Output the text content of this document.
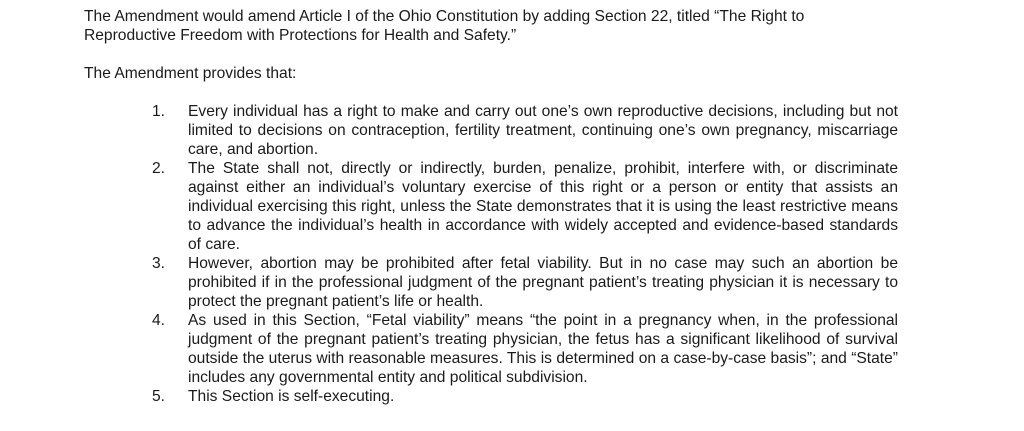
The Amendment would amend Article I of the Ohio Constitution by adding Section 22, titled “The Right to Reproductive Freedom with Protections for Health and Safety.”

The Amendment provides that:

1.	Every individual has a right to make and carry out one’s own reproductive decisions, including but not limited to decisions on contraception, fertility treatment, continuing one’s own pregnancy, miscarriage care, and abortion.
2.	The State shall not, directly or indirectly, burden, penalize, prohibit, interfere with, or discriminate against either an individual’s voluntary exercise of this right or a person or entity that assists an individual exercising this right, unless the State demonstrates that it is using the least restrictive means to advance the individual’s health in accordance with widely accepted and evidence-based standards of care.
3.	However, abortion may be prohibited after fetal viability. But in no case may such an abortion be prohibited if in the professional judgment of the pregnant patient’s treating physician it is necessary to protect the pregnant patient’s life or health.
4.	As used in this Section, “Fetal viability” means “the point in a pregnancy when, in the professional judgment of the pregnant patient’s treating physician, the fetus has a significant likelihood of survival outside the uterus with reasonable measures. This is determined on a case-by-case basis”; and “State” includes any governmental entity and political subdivision.
5.	This Section is self-executing.
